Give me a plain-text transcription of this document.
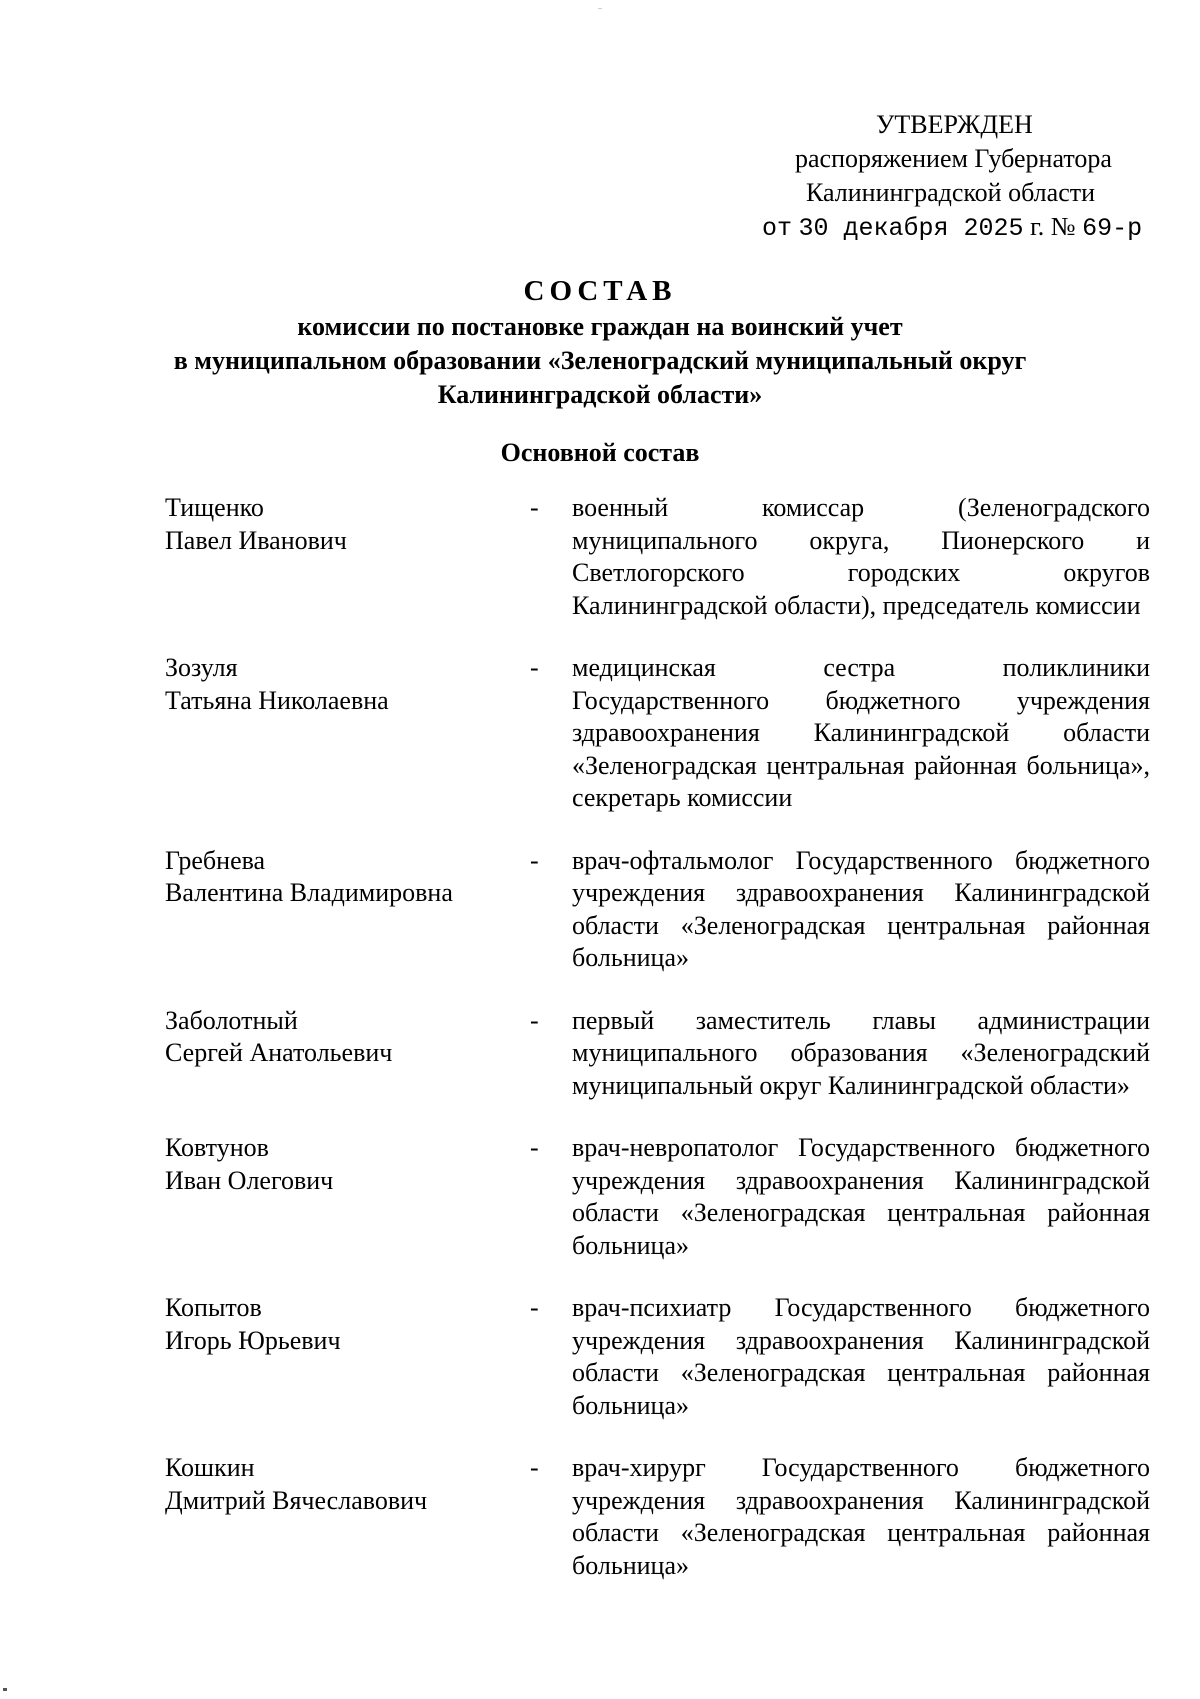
УТВЕРЖДЕН
распоряжением Губернатора
Калининградской области
от 30 декабря 2025 г. № 69-р
СОСТАВ
комиссии по постановке граждан на воинский учет
в муниципальном образовании «Зеленоградский муниципальный округ
Калининградской области»
Основной состав
Тищенко
Павел Иванович
-	военный комиссар (Зеленоградского муниципального округа, Пионерского и Светлогорского городских округов Калининградской области), председатель комиссии
Зозуля
Татьяна Николаевна
-	медицинская сестра поликлиники Государственного бюджетного учреждения здравоохранения Калининградской области «Зеленоградская центральная районная больница», секретарь комиссии
Гребнева
Валентина Владимировна
-	врач-офтальмолог Государственного бюджетного учреждения здравоохранения Калининградской области «Зеленоградская центральная районная больница»
Заболотный
Сергей Анатольевич
-	первый заместитель главы администрации муниципального образования «Зеленоградский муниципальный округ Калининградской области»
Ковтунов
Иван Олегович
-	врач-невропатолог Государственного бюджетного учреждения здравоохранения Калининградской области «Зеленоградская центральная районная больница»
Копытов
Игорь Юрьевич
-	врач-психиатр Государственного бюджетного учреждения здравоохранения Калининградской области «Зеленоградская центральная районная больница»
Кошкин
Дмитрий Вячеславович
-	врач-хирург Государственного бюджетного учреждения здравоохранения Калининградской области «Зеленоградская центральная районная больница»
